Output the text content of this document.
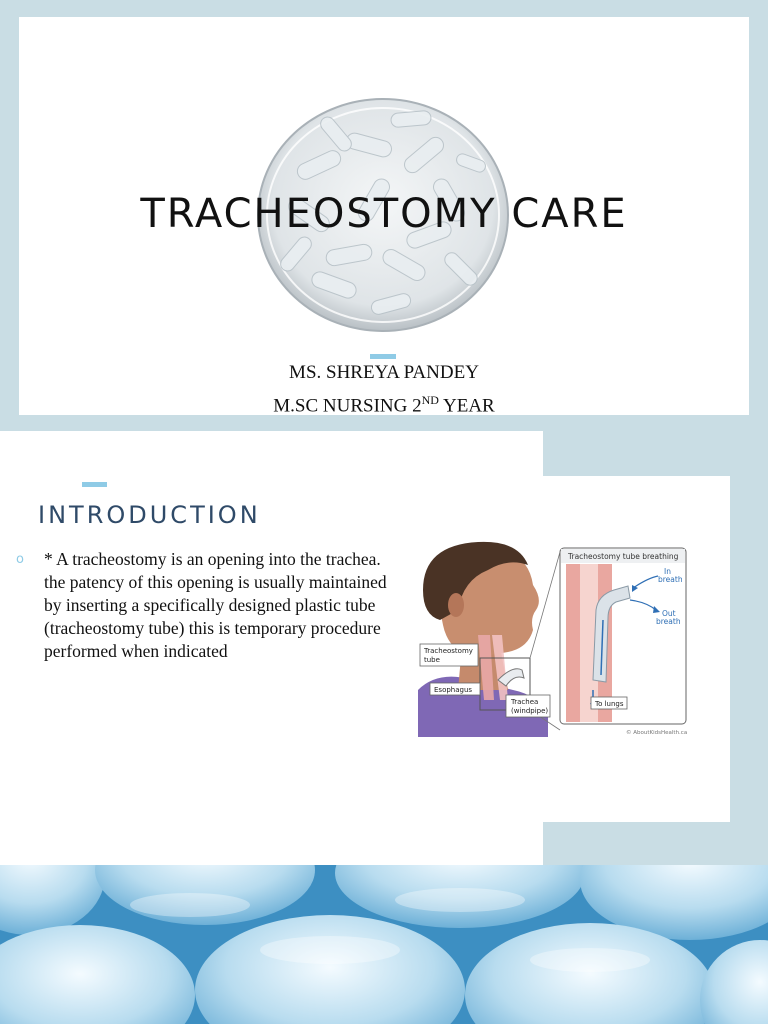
TRACHEOSTOMY CARE
MS. SHREYA PANDEY
M.SC NURSING 2ND YEAR
INTRODUCTION
o * A tracheostomy is an opening into the trachea. the patency of this opening is usually maintained by inserting a specifically designed plastic tube (tracheostomy tube) this is temporary procedure performed when indicated	Tracheostomy
tube
Esophagus
Trachea
(windpipe)
Tracheostomy tube breathing
In
breath
Out
breath
To lungs
© AboutKidsHealth.ca
